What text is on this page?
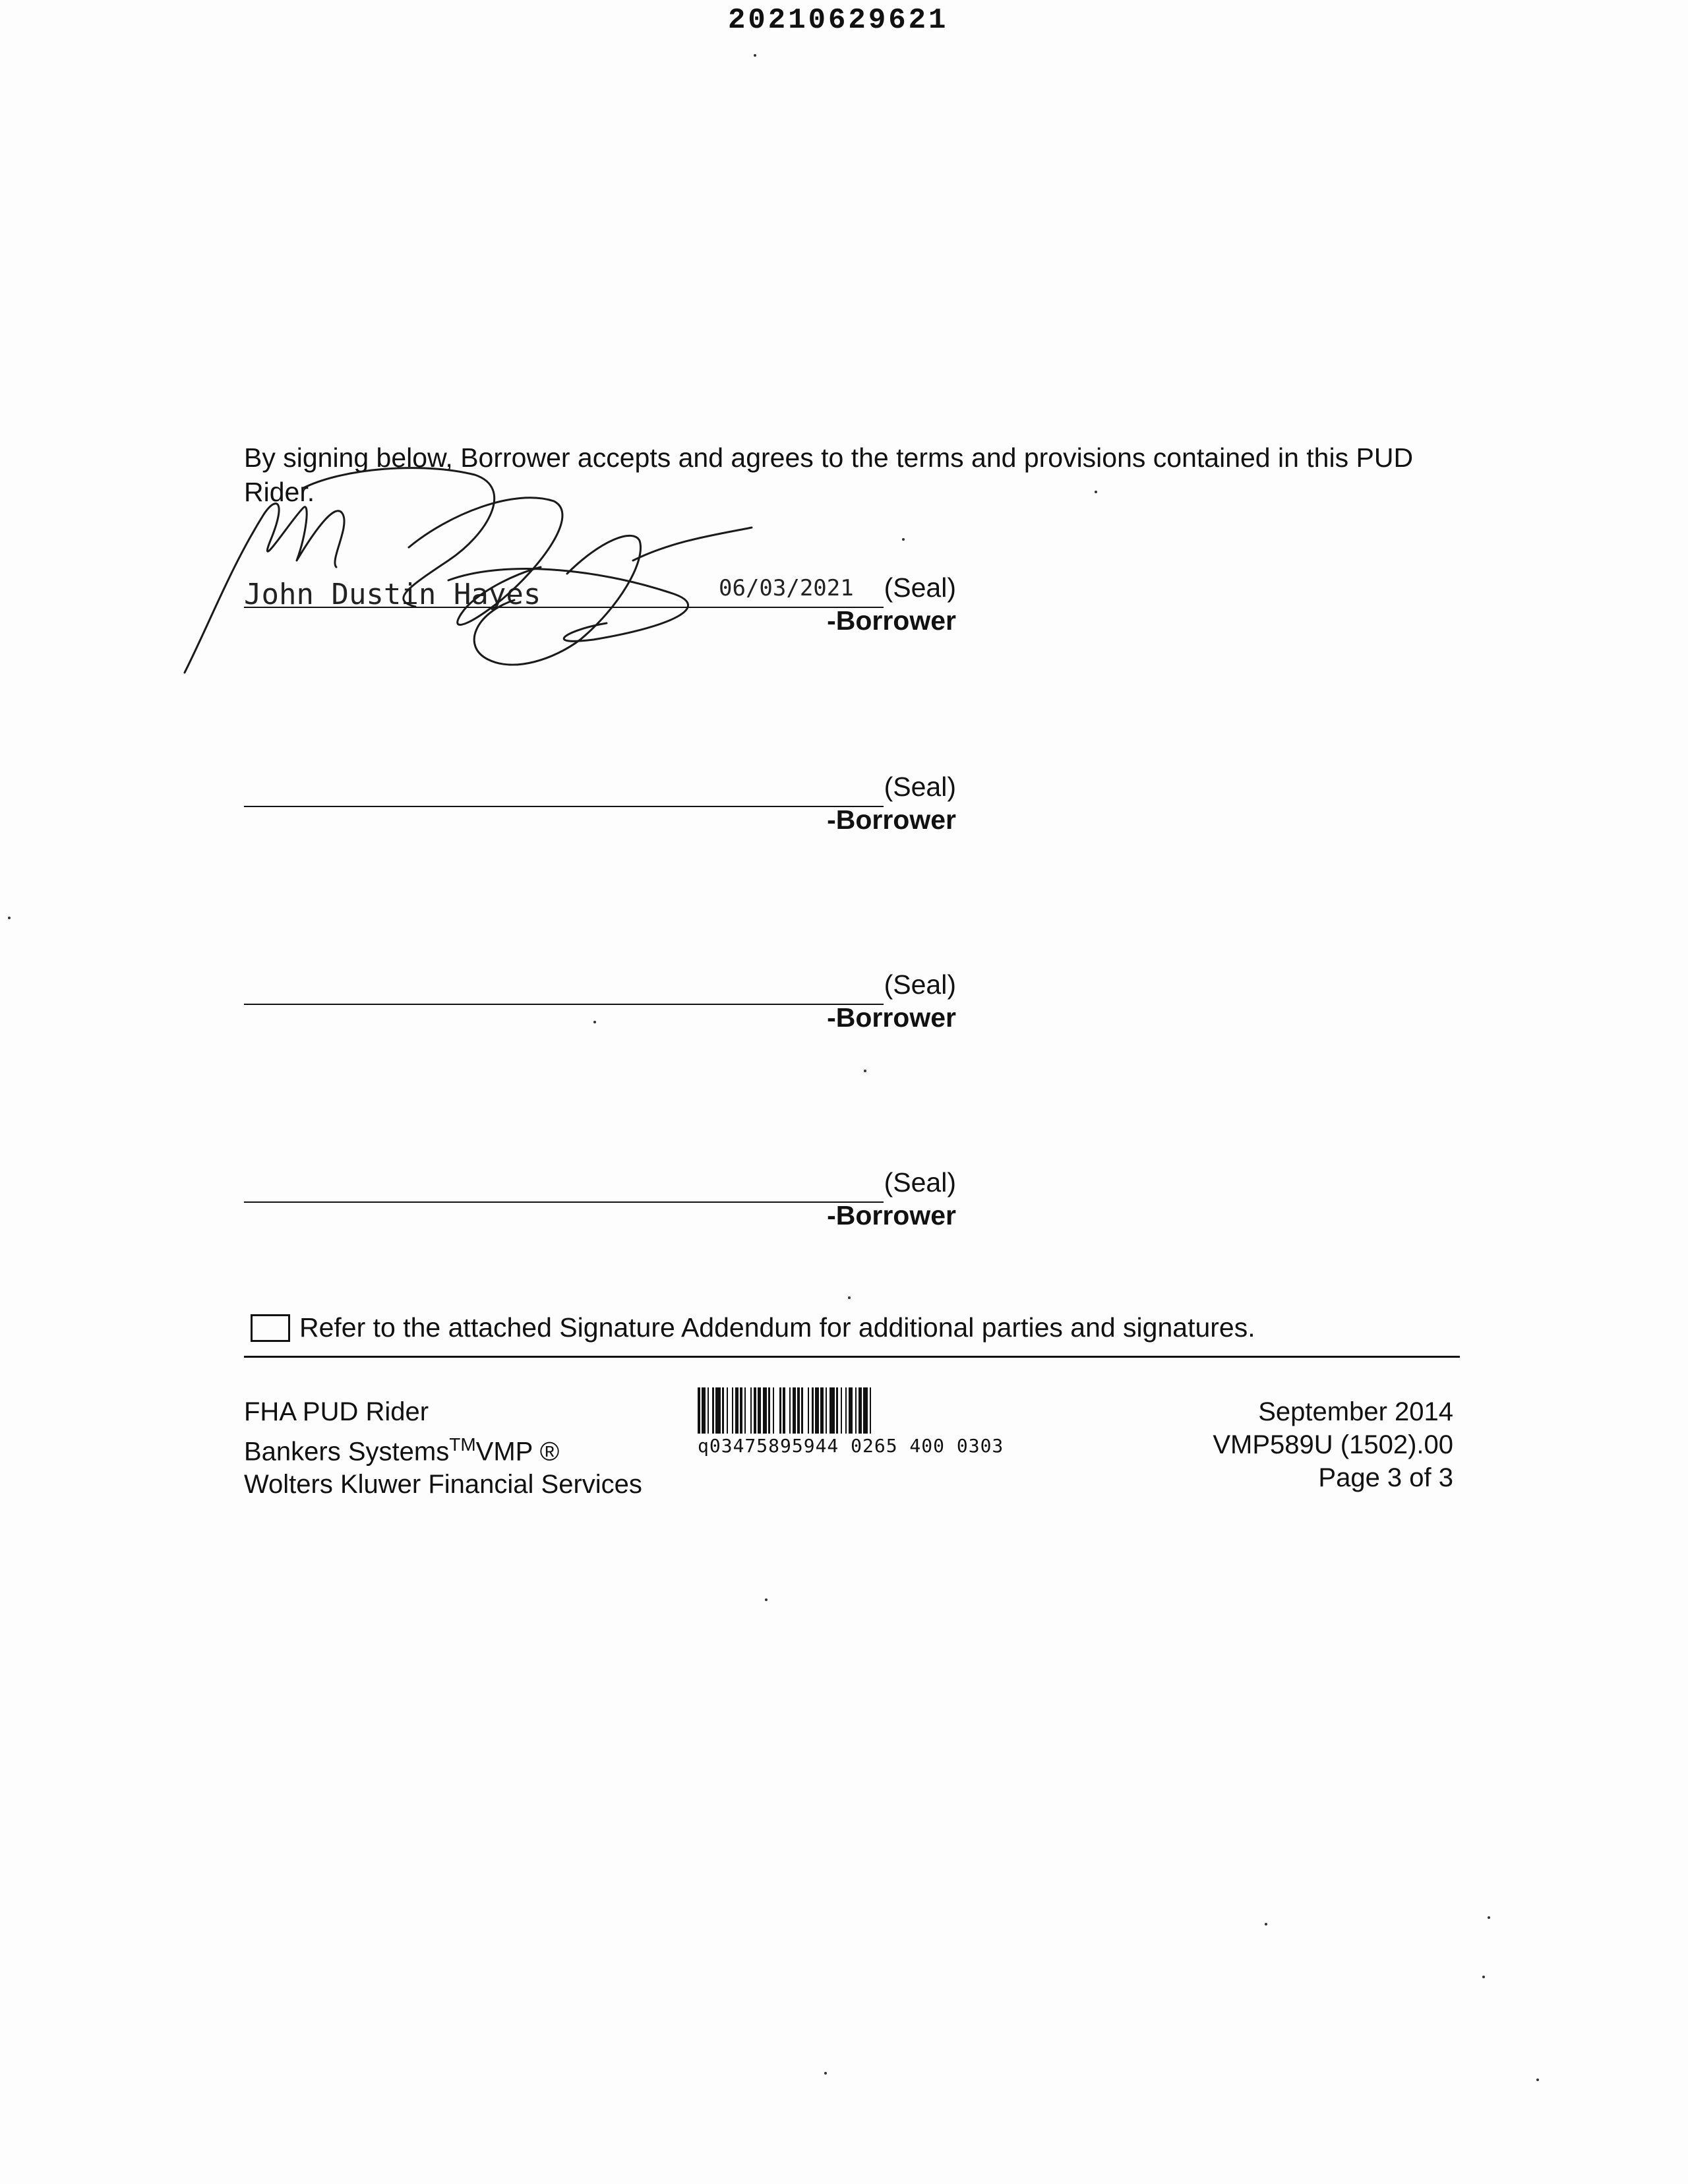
20210629621
By signing below, Borrower accepts and agrees to the terms and provisions contained in this PUD Rider.
John Dustin Hayes	06/03/2021 (Seal)
-Borrower
(Seal)
-Borrower
(Seal)
-Borrower
(Seal)
-Borrower
Refer to the attached Signature Addendum for additional parties and signatures.
FHA PUD Rider
Bankers Systems™VMP ®
Wolters Kluwer Financial Services
q03475895944 0265 400 0303
September 2014
VMP589U (1502).00
Page 3 of 3
